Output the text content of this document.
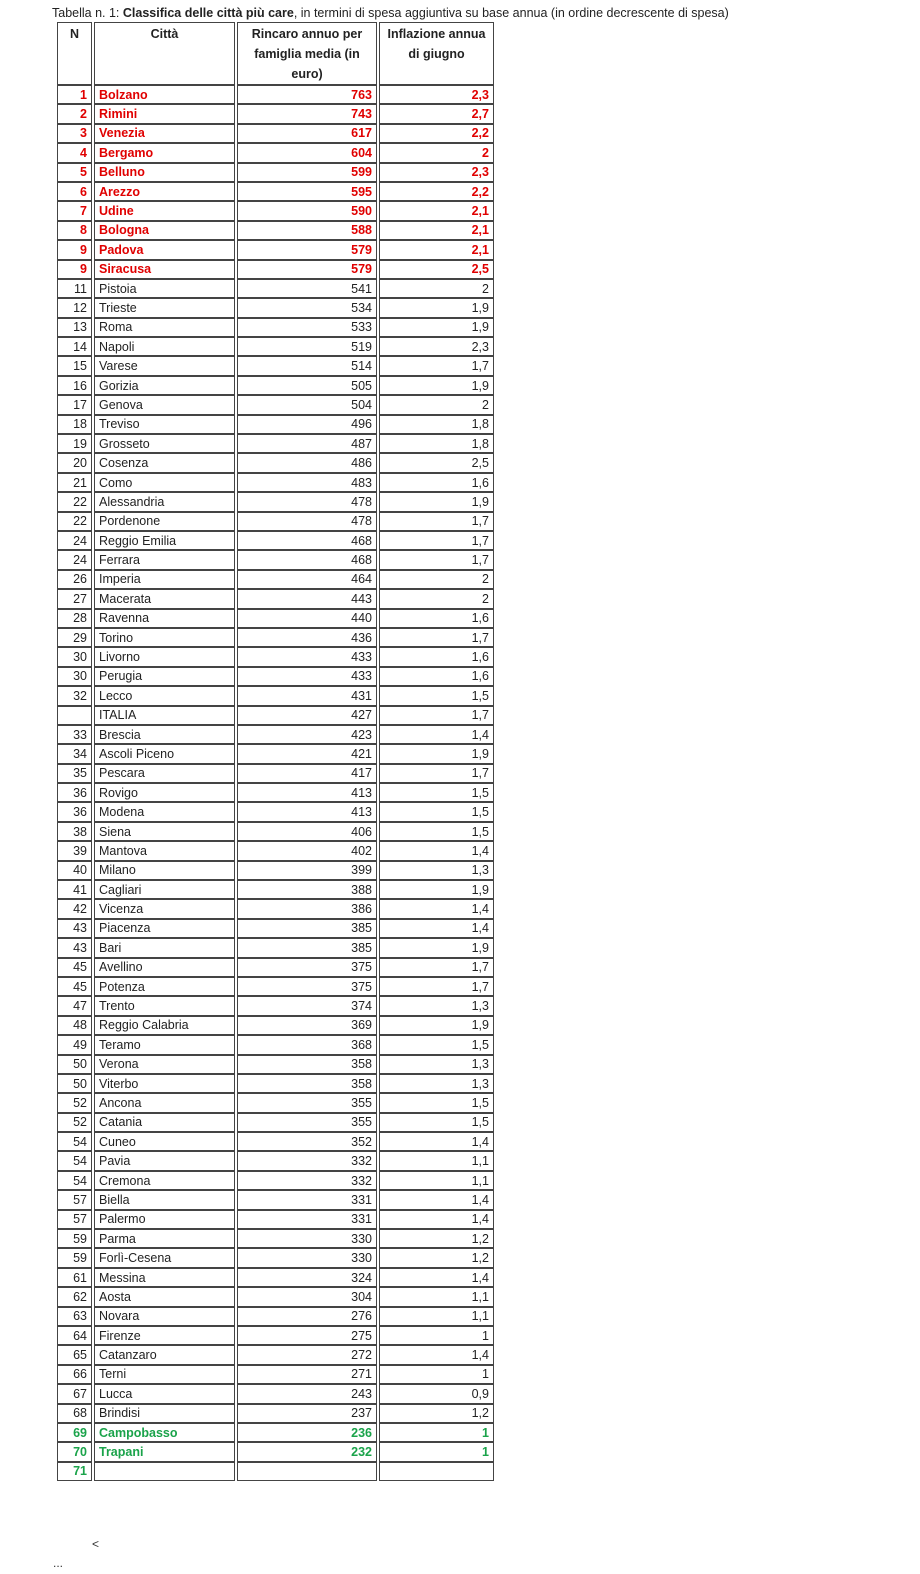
Tabella n. 1: Classifica delle città più care, in termini di spesa aggiuntiva su base annua (in ordine decrescente di spesa)
N	Città	Rincaro annuo per famiglia media (in euro)	Inflazione annua di giugno
1	Bolzano	763	2,3
2	Rimini	743	2,7
3	Venezia	617	2,2
4	Bergamo	604	2
5	Belluno	599	2,3
6	Arezzo	595	2,2
7	Udine	590	2,1
8	Bologna	588	2,1
9	Padova	579	2,1
9	Siracusa	579	2,5
11	Pistoia	541	2
12	Trieste	534	1,9
13	Roma	533	1,9
14	Napoli	519	2,3
15	Varese	514	1,7
16	Gorizia	505	1,9
17	Genova	504	2
18	Treviso	496	1,8
19	Grosseto	487	1,8
20	Cosenza	486	2,5
21	Como	483	1,6
22	Alessandria	478	1,9
22	Pordenone	478	1,7
24	Reggio Emilia	468	1,7
24	Ferrara	468	1,7
26	Imperia	464	2
27	Macerata	443	2
28	Ravenna	440	1,6
29	Torino	436	1,7
30	Livorno	433	1,6
30	Perugia	433	1,6
32	Lecco	431	1,5
	ITALIA	427	1,7
33	Brescia	423	1,4
34	Ascoli Piceno	421	1,9
35	Pescara	417	1,7
36	Rovigo	413	1,5
36	Modena	413	1,5
38	Siena	406	1,5
39	Mantova	402	1,4
40	Milano	399	1,3
41	Cagliari	388	1,9
42	Vicenza	386	1,4
43	Piacenza	385	1,4
43	Bari	385	1,9
45	Avellino	375	1,7
45	Potenza	375	1,7
47	Trento	374	1,3
48	Reggio Calabria	369	1,9
49	Teramo	368	1,5
50	Verona	358	1,3
50	Viterbo	358	1,3
52	Ancona	355	1,5
52	Catania	355	1,5
54	Cuneo	352	1,4
54	Pavia	332	1,1
54	Cremona	332	1,1
57	Biella	331	1,4
57	Palermo	331	1,4
59	Parma	330	1,2
59	Forlì-Cesena	330	1,2
61	Messina	324	1,4
62	Aosta	304	1,1
63	Novara	276	1,1
64	Firenze	275	1
65	Catanzaro	272	1,4
66	Terni	271	1
67	Lucca	243	0,9
68	Brindisi	237	1,2
69	Campobasso	236	1
70	Trapani	232	1
71			
<
...
